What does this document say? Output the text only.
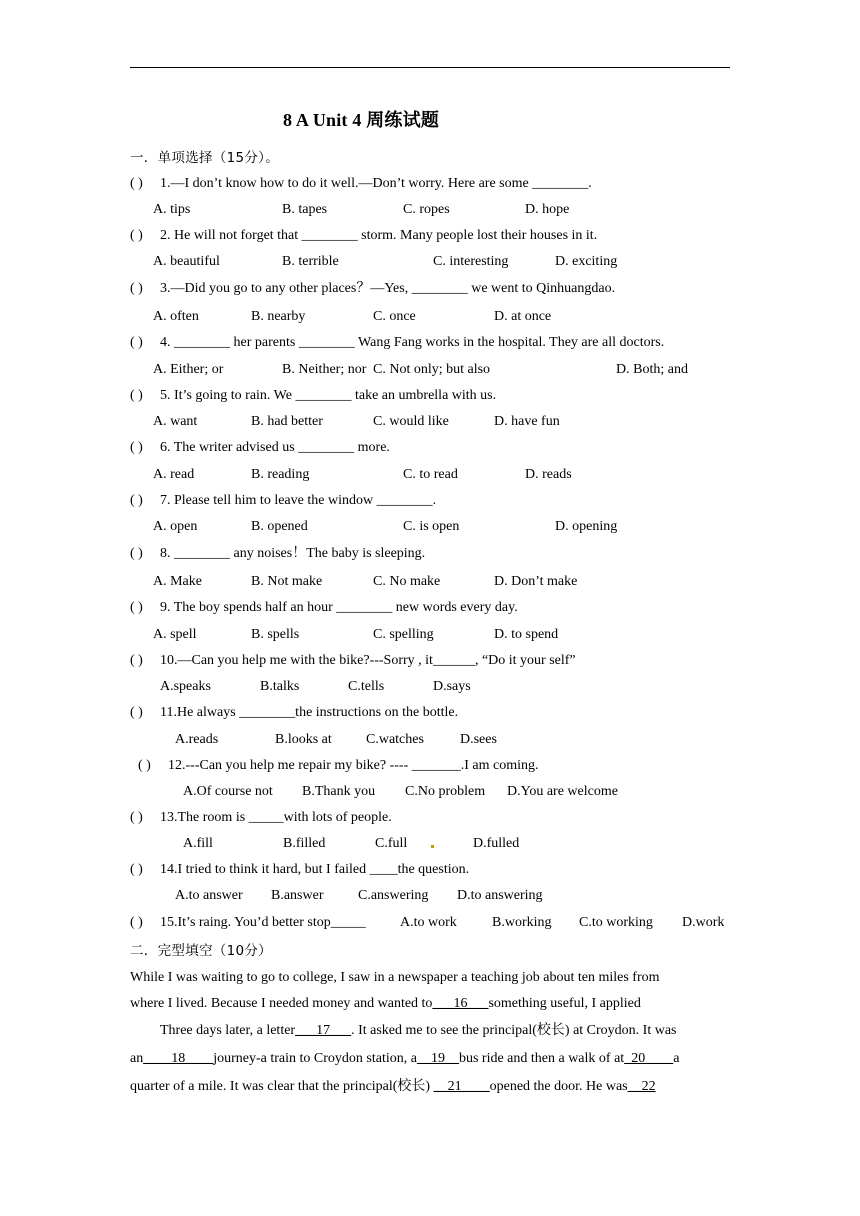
8 A Unit 4 周练试题
一．单项选择（15分）。
( ) 1.—I don’t know how to do it well.—Don’t worry. Here are some ________.
A. tips	B. tapes	C. ropes	D. hope
( ) 2. He will not forget that ________ storm. Many people lost their houses in it.
A. beautiful	B. terrible	C. interesting	D. exciting
( ) 3.—Did you go to any other places？—Yes, ________ we went to Qinhuangdao.
A. often	B. nearby	C. once	D. at once
( ) 4. ________ her parents ________ Wang Fang works in the hospital. They are all doctors.
A. Either; or	B. Neither; nor C. Not only; but also	D. Both; and
( ) 5. It’s going to rain. We ________ take an umbrella with us.
A. want	B. had better	C. would like	D. have fun
( ) 6. The writer advised us ________ more.
A. read	B. reading	C. to read	D. reads
( ) 7. Please tell him to leave the window ________.
A. open	B. opened	C. is open	D. opening
( ) 8. ________ any noises！The baby is sleeping.
A. Make	B. Not make	C. No make	D. Don’t make
( ) 9. The boy spends half an hour ________ new words every day.
A. spell	B. spells	C. spelling	D. to spend
( ) 10.—Can you help me with the bike?---Sorry , it______, “Do it your self”
A.speaks	B.talks	C.tells	D.says
( ) 11.He always ________the instructions on the bottle.
A.reads	B.looks at C.watches	D.sees
( ) 12.---Can you help me repair my bike? ---- _______.I am coming.
A.Of course not B.Thank you C.No problem D.You are welcome
( ) 13.The room is _____with lots of people.
A.fill	B.filled	C.full	D.fulled
( ) 14.I tried to think it hard, but I failed ____the question.
A.to answer B.answer C.answering D.to answering
( ) 15.It’s raing. You’d better stop_____ A.to work	B.working C.to working D.work
二．完型填空（10分）
While I was waiting to go to college, I saw in a newspaper a teaching job about ten miles from
where I lived. Because I needed money and wanted to___16___something useful, I applied
Three days later, a letter___17___. It asked me to see the principal(校长) at Croydon. It was
an____18____journey-a train to Croydon station, a__19__bus ride and then a walk of at_20____a
quarter of a mile. It was clear that the principal(校长) __21____opened the door. He was__22
